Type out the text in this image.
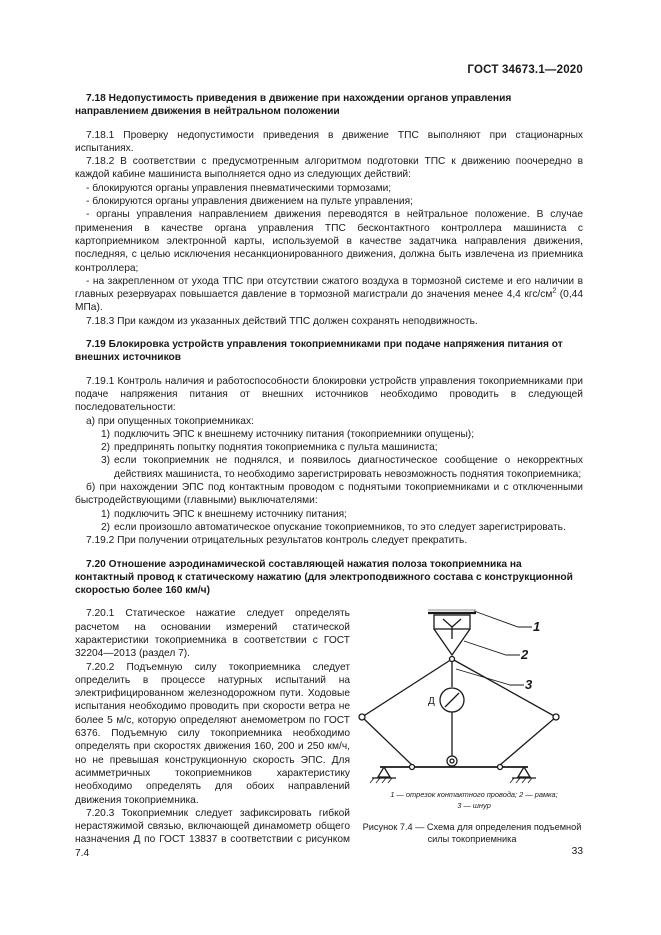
ГОСТ 34673.1—2020
7.18 Недопустимость приведения в движение при нахождении органов управления направлением движения в нейтральном положении

7.18.1 Проверку недопустимости приведения в движение ТПС выполняют при стационарных испытаниях.

7.18.2 В соответствии с предусмотренным алгоритмом подготовки ТПС к движению поочередно в каждой кабине машиниста выполняется одно из следующих действий:

- блокируются органы управления пневматическими тормозами;

- блокируются органы управления движением на пульте управления;

- органы управления направлением движения переводятся в нейтральное положение. В случае применения в качестве органа управления ТПС бесконтактного контроллера машиниста с картоприемником электронной карты, используемой в качестве задатчика направления движения, последняя, с целью исключения несанкционированного движения, должна быть извлечена из приемника контроллера;

- на закрепленном от ухода ТПС при отсутствии сжатого воздуха в тормозной системе и его наличии в главных резервуарах повышается давление в тормозной магистрали до значения менее 4,4 кгс/$см^2$ (0,44 МПа).

7.18.3 При каждом из указанных действий ТПС должен сохранять неподвижность.

7.19 Блокировка устройств управления токоприемниками при подаче напряжения питания от внешних источников

7.19.1 Контроль наличия и работоспособности блокировки устройств управления токоприемниками при подаче напряжения питания от внешних источников необходимо проводить в следующей последовательности:

а) при опущенных токоприемниках:

1) подключить ЭПС к внешнему источнику питания (токоприемники опущены);
2) предпринять попытку поднятия токоприемника с пульта машиниста;
3) если токоприемник не поднялся, и появилось диагностическое сообщение о некорректных действиях машиниста, то необходимо зарегистрировать невозможность поднятия токоприемника;

б) при нахождении ЭПС под контактным проводом с поднятыми токоприемниками и с отключенными быстродействующими (главными) выключателями:

1) подключить ЭПС к внешнему источнику питания;
2) если произошло автоматическое опускание токоприемников, то это следует зарегистрировать.

7.19.2 При получении отрицательных результатов контроль следует прекратить.

7.20 Отношение аэродинамической составляющей нажатия полоза токоприемника на контактный провод к статическому нажатию (для электроподвижного состава с конструкционной скоростью более 160 км/ч)

7.20.1 Статическое нажатие следует определять расчетом на основании измерений статической характеристики токоприемника в соответствии с ГОСТ 32204—2013 (раздел 7).

7.20.2 Подъемную силу токоприемника следует определить в процессе натурных испытаний на электрифицированном железнодорожном пути. Ходовые испытания необходимо проводить при скорости ветра не более 5 м/с, которую определяют анемометром по ГОСТ 6376. Подъемную силу токоприемника необходимо определять при скоростях движения 160, 200 и 250 км/ч, но не превышая конструкционную скорость ЭПС. Для асимметричных токоприемников характеристику необходимо определять для обоих направлений движения токоприемника.

7.20.3 Токоприемник следует зафиксировать гибкой нерастяжимой связью, включающей динамометр общего назначения Д по ГОСТ 13837 в соответствии с рисунком 7.4

1
2
3
Д
1 — отрезок контактного провода; 2 — рамка;
3 — шнур
Рисунок 7.4 — Схема для определения подъемной силы токоприемника
33
